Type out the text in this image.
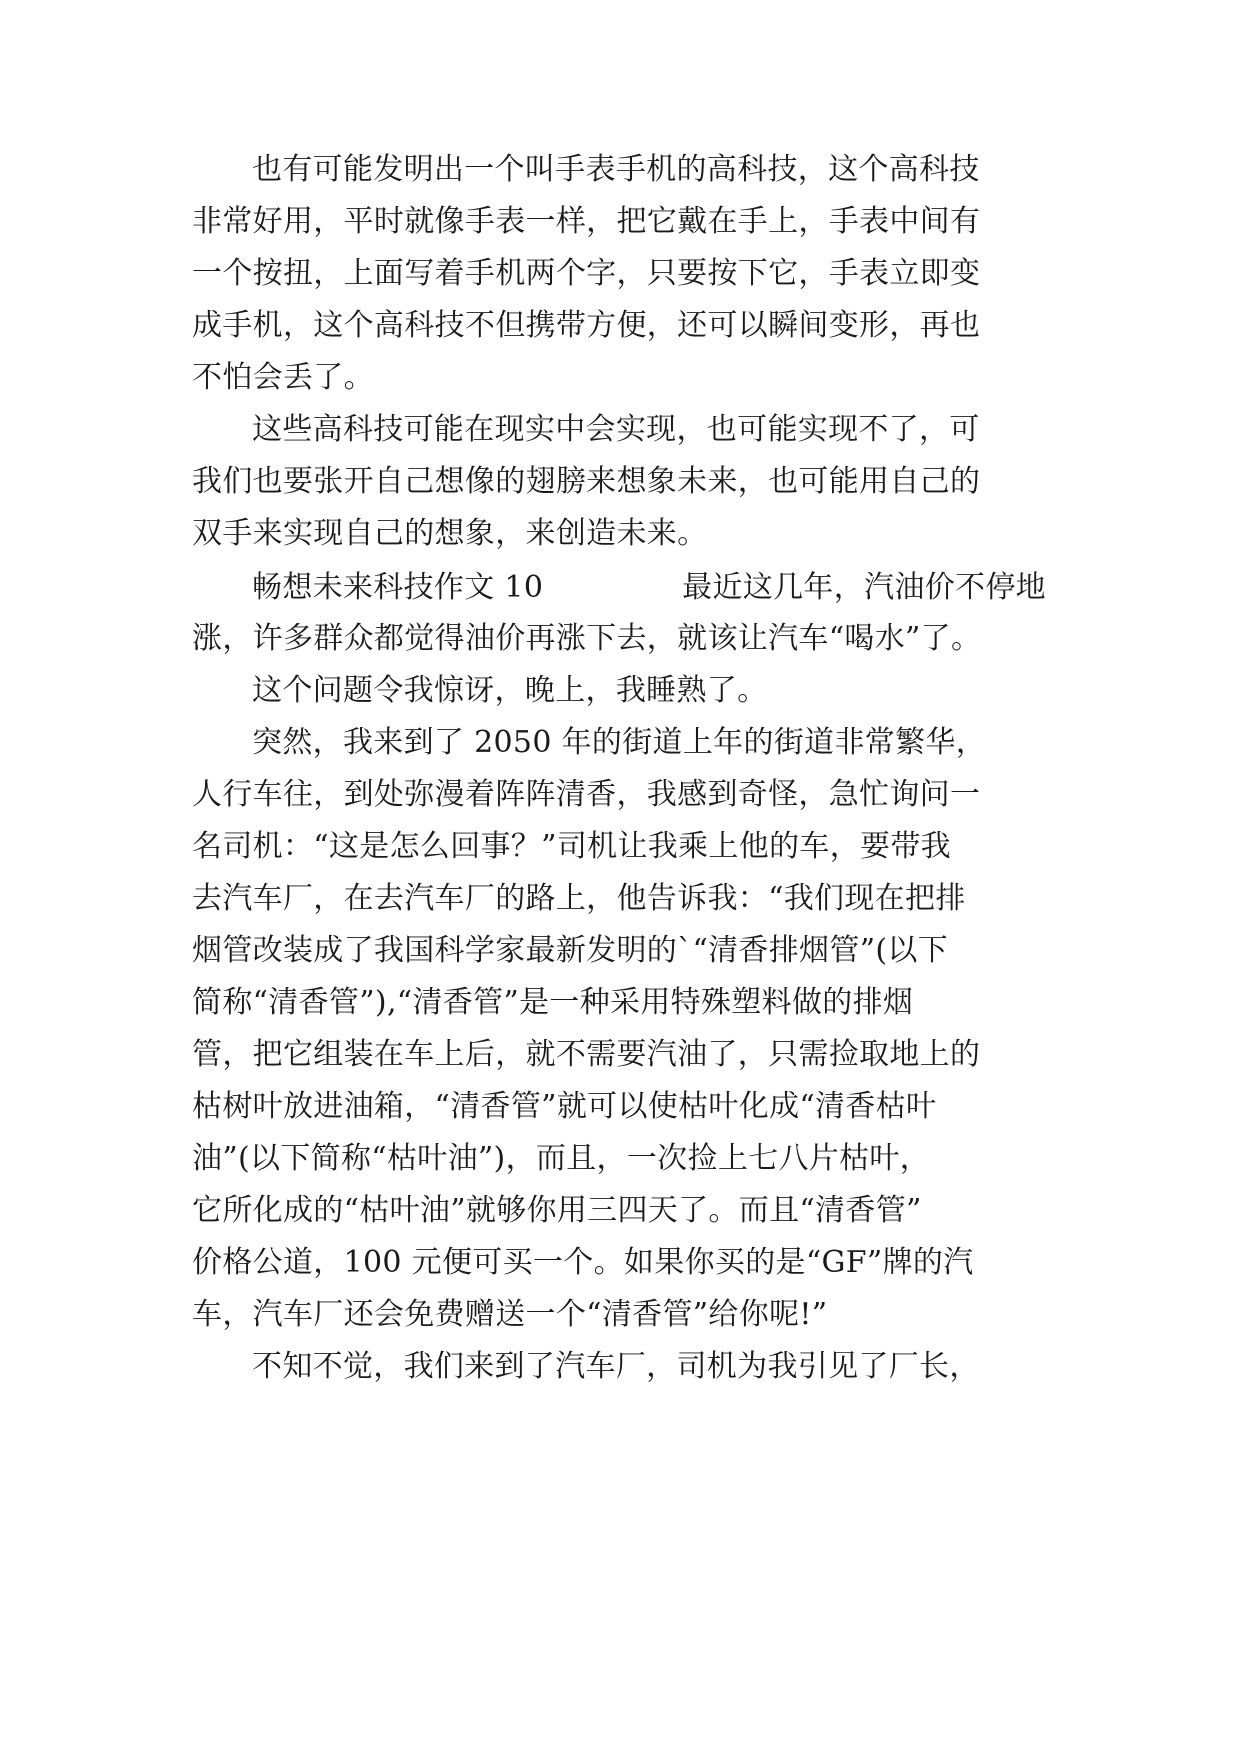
也有可能发明出一个叫手表手机的高科技，这个高科技
非常好用，平时就像手表一样，把它戴在手上，手表中间有
一个按扭，上面写着手机两个字，只要按下它，手表立即变
成手机，这个高科技不但携带方便，还可以瞬间变形，再也
不怕会丢了。
这些高科技可能在现实中会实现，也可能实现不了，可
我们也要张开自己想像的翅膀来想象未来，也可能用自己的
双手来实现自己的想象，来创造未来。
畅想未来科技作文 10	最近这几年，汽油价不停地
涨，许多群众都觉得油价再涨下去，就该让汽车“喝水”了。
这个问题令我惊讶，晚上，我睡熟了。
突然，我来到了 2050 年的街道上年的街道非常繁华，
人行车往，到处弥漫着阵阵清香，我感到奇怪，急忙询问一
名司机：“这是怎么回事？”司机让我乘上他的车，要带我
去汽车厂，在去汽车厂的路上，他告诉我：“我们现在把排
烟管改装成了我国科学家最新发明的`“清香排烟管”(以下
简称“清香管”),“清香管”是一种采用特殊塑料做的排烟
管，把它组装在车上后，就不需要汽油了，只需捡取地上的
枯树叶放进油箱，“清香管”就可以使枯叶化成“清香枯叶
油”(以下简称“枯叶油”)，而且，一次捡上七八片枯叶，
它所化成的“枯叶油”就够你用三四天了。而且“清香管”
价格公道，100 元便可买一个。如果你买的是“GF”牌的汽
车，汽车厂还会免费赠送一个“清香管”给你呢!”
不知不觉，我们来到了汽车厂，司机为我引见了厂长，
